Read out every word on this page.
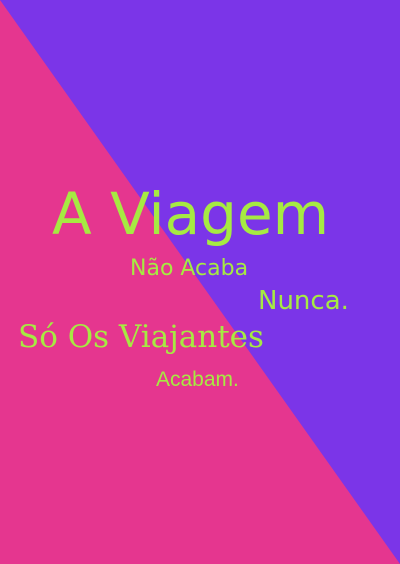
A Viagem
Não Acaba
Nunca.
Só Os Viajantes
Acabam.
